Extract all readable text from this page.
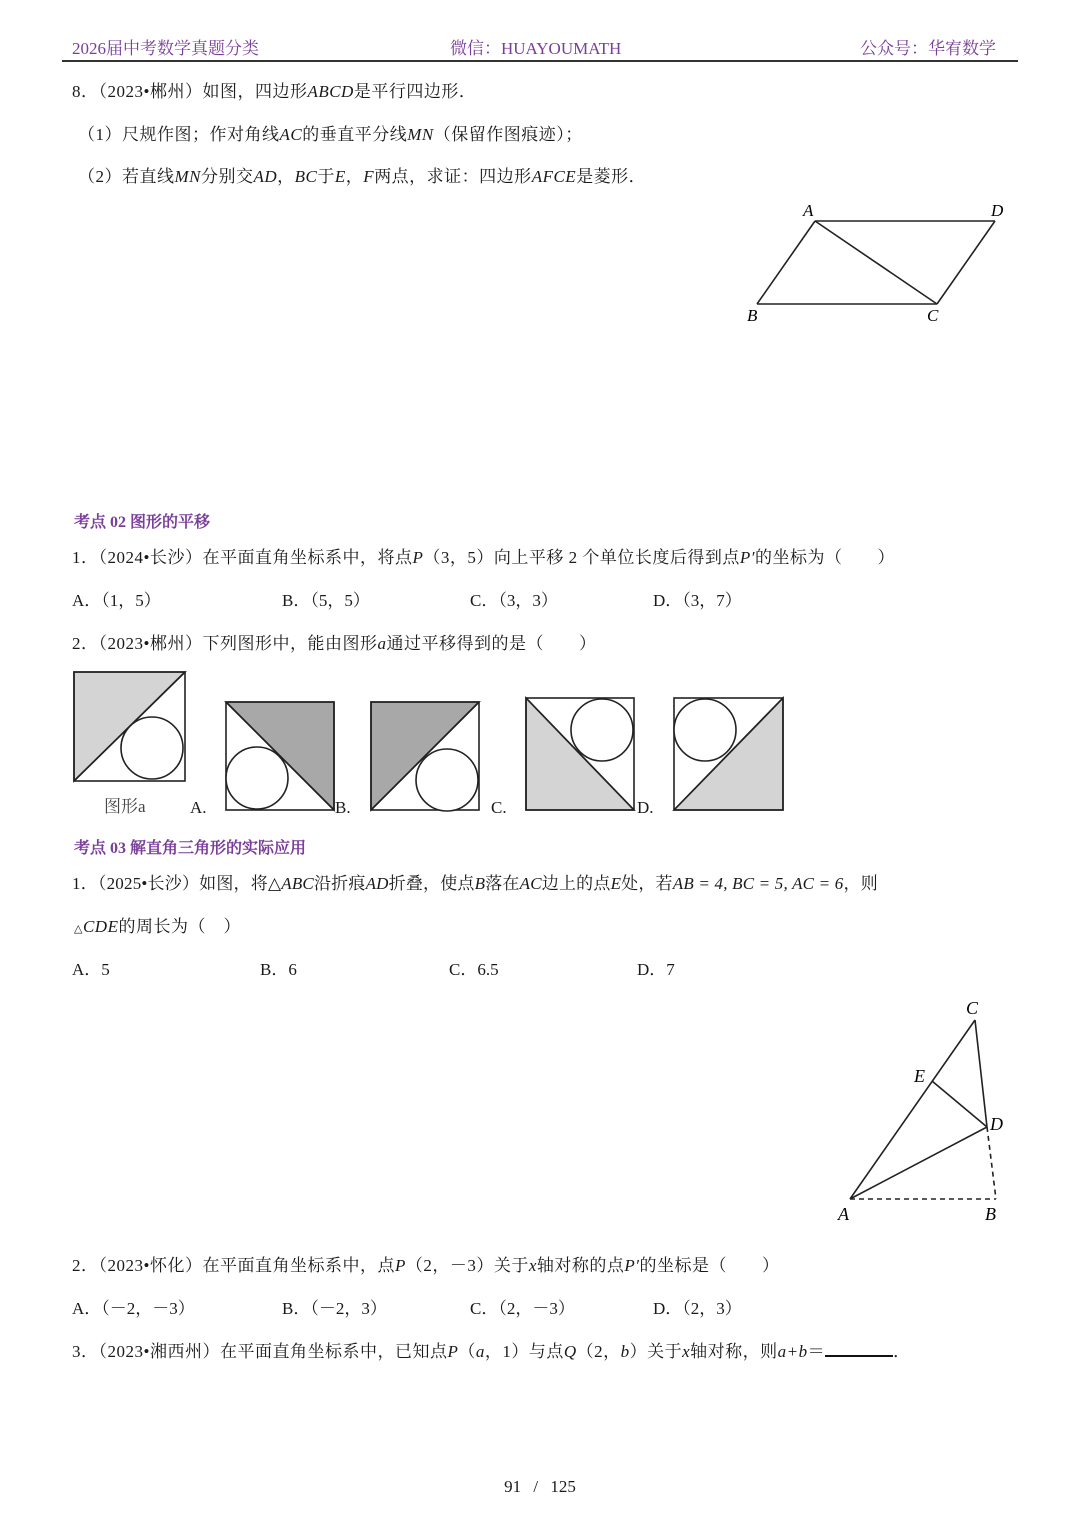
2026届中考数学真题分类	微信：HUAYOUMATH	公众号：华宥数学
8．（2023•郴州）如图，四边形ABCD是平行四边形．
（1）尺规作图；作对角线AC的垂直平分线MN（保留作图痕迹）；
（2）若直线MN分别交AD，BC于E，F两点，求证：四边形AFCE是菱形．
A	D
B	C
考点 02 图形的平移
1．（2024•长沙）在平面直角坐标系中，将点P（3，5）向上平移 2 个单位长度后得到点P′的坐标为（　　）
A．（1，5）	B．（5，5）	C．（3，3）	D．（3，7）
2．（2023•郴州）下列图形中，能由图形a通过平移得到的是（　　）
图形a	A.	B.	C.	D.
考点 03 解直角三角形的实际应用
1．（2025•长沙）如图，将△ABC沿折痕AD折叠，使点B落在AC边上的点E处，若AB = 4, BC = 5, AC = 6，则
△CDE的周长为（　）
A．5	B．6	C．6.5	D．7
C
E
D
A	B
2．（2023•怀化）在平面直角坐标系中，点P（2，－3）关于x轴对称的点P′的坐标是（　　）
A．（－2，－3）	B．（－2，3）	C．（2，－3）	D．（2，3）
3．（2023•湘西州）在平面直角坐标系中，已知点P（a，1）与点Q（2，b）关于x轴对称，则a+b＝	．
91 / 125
